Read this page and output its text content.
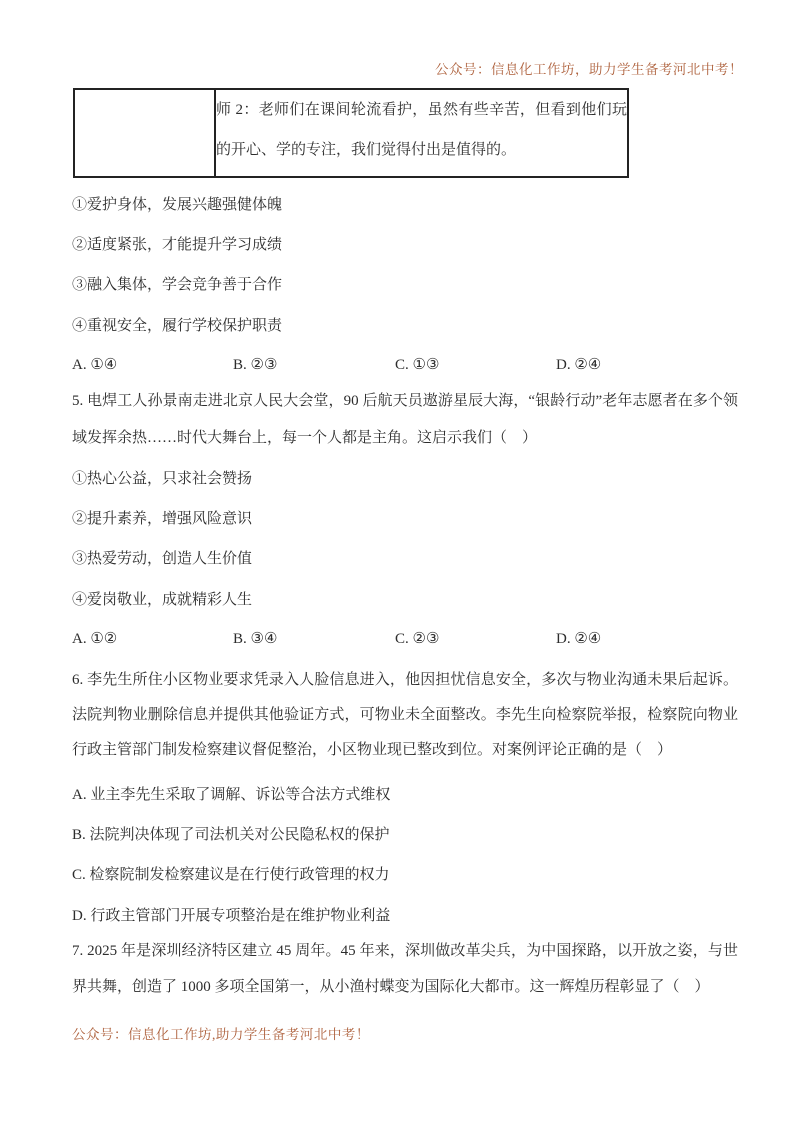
公众号：信息化工作坊，助力学生备考河北中考！
	师 2：老师们在课间轮流看护，虽然有些辛苦，但看到他们玩的开心、学的专注，我们觉得付出是值得的。
①爱护身体，发展兴趣强健体魄
②适度紧张，才能提升学习成绩
③融入集体，学会竞争善于合作
④重视安全，履行学校保护职责
A. ①④	B. ②③	C. ①③	D. ②④

5. 电焊工人孙景南走进北京人民大会堂，90 后航天员遨游星辰大海，“银龄行动”老年志愿者在多个领域发挥余热……时代大舞台上，每一个人都是主角。这启示我们（　）

①热心公益，只求社会赞扬
②提升素养，增强风险意识
③热爱劳动，创造人生价值
④爱岗敬业，成就精彩人生
A. ①②	B. ③④	C. ②③	D. ②④

6. 李先生所住小区物业要求凭录入人脸信息进入，他因担忧信息安全，多次与物业沟通未果后起诉。法院判物业删除信息并提供其他验证方式，可物业未全面整改。李先生向检察院举报，检察院向物业行政主管部门制发检察建议督促整治，小区物业现已整改到位。对案例评论正确的是（　）

A. 业主李先生采取了调解、诉讼等合法方式维权
B. 法院判决体现了司法机关对公民隐私权的保护
C. 检察院制发检察建议是在行使行政管理的权力
D. 行政主管部门开展专项整治是在维护物业利益

7. 2025 年是深圳经济特区建立 45 周年。45 年来，深圳做改革尖兵，为中国探路，以开放之姿，与世界共舞，创造了 1000 多项全国第一，从小渔村蝶变为国际化大都市。这一辉煌历程彰显了（　）

公众号：信息化工作坊,助力学生备考河北中考！
